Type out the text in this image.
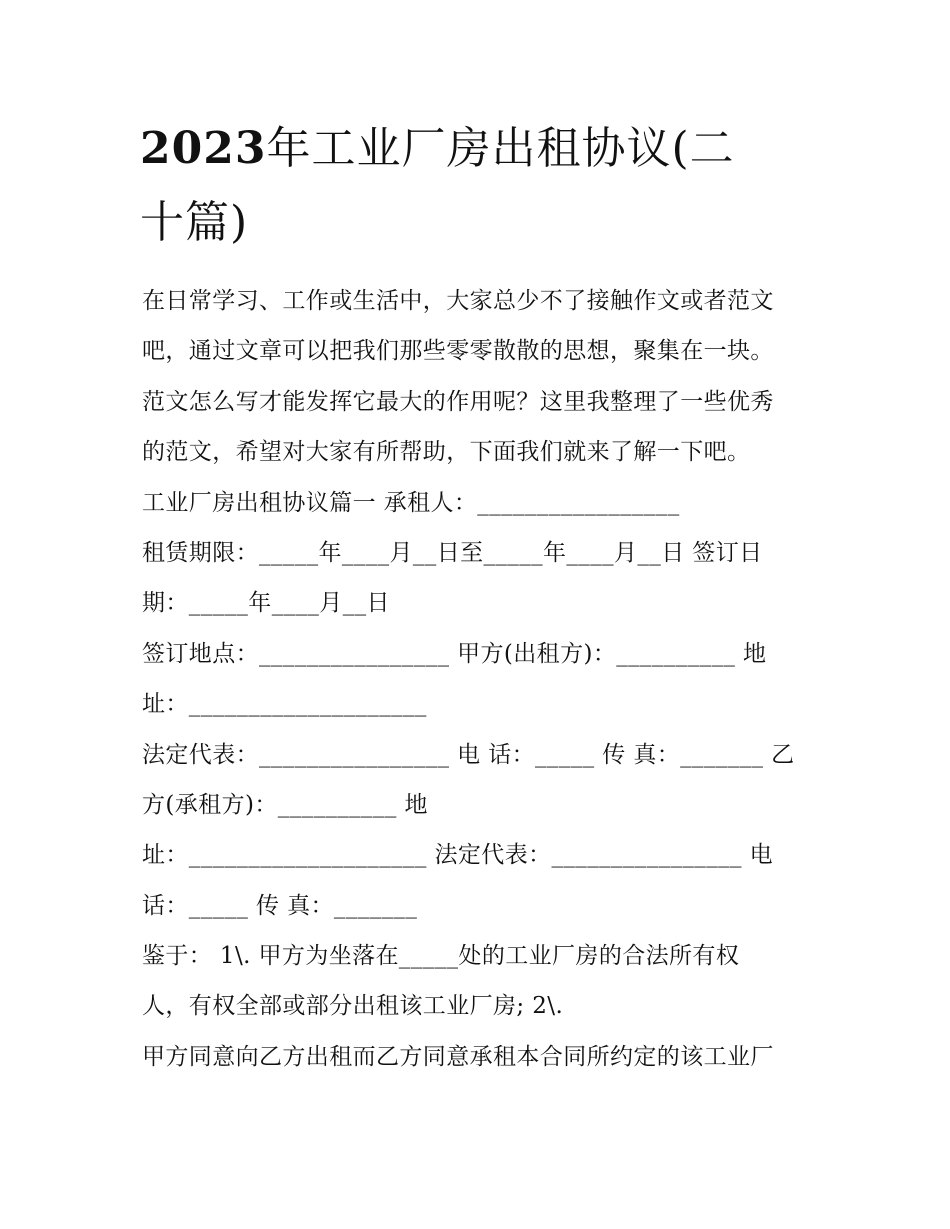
2023年工业厂房出租协议(二
十篇)
在日常学习、工作或生活中，大家总少不了接触作文或者范文
吧，通过文章可以把我们那些零零散散的思想，聚集在一块。
范文怎么写才能发挥它最大的作用呢？这里我整理了一些优秀
的范文，希望对大家有所帮助，下面我们就来了解一下吧。
工业厂房出租协议篇一 承租人：_________________
租赁期限：_____年____月__日至_____年____月__日 签订日
期：_____年____月__日
签订地点：________________ 甲方(出租方)：__________ 地
址：____________________
法定代表：________________ 电 话：_____ 传 真：_______ 乙
方(承租方)：__________ 地
址：____________________ 法定代表：________________ 电
话：_____ 传 真：_______
鉴于： 1\. 甲方为坐落在_____处的工业厂房的合法所有权
人，有权全部或部分出租该工业厂房; 2\.
甲方同意向乙方出租而乙方同意承租本合同所约定的该工业厂
